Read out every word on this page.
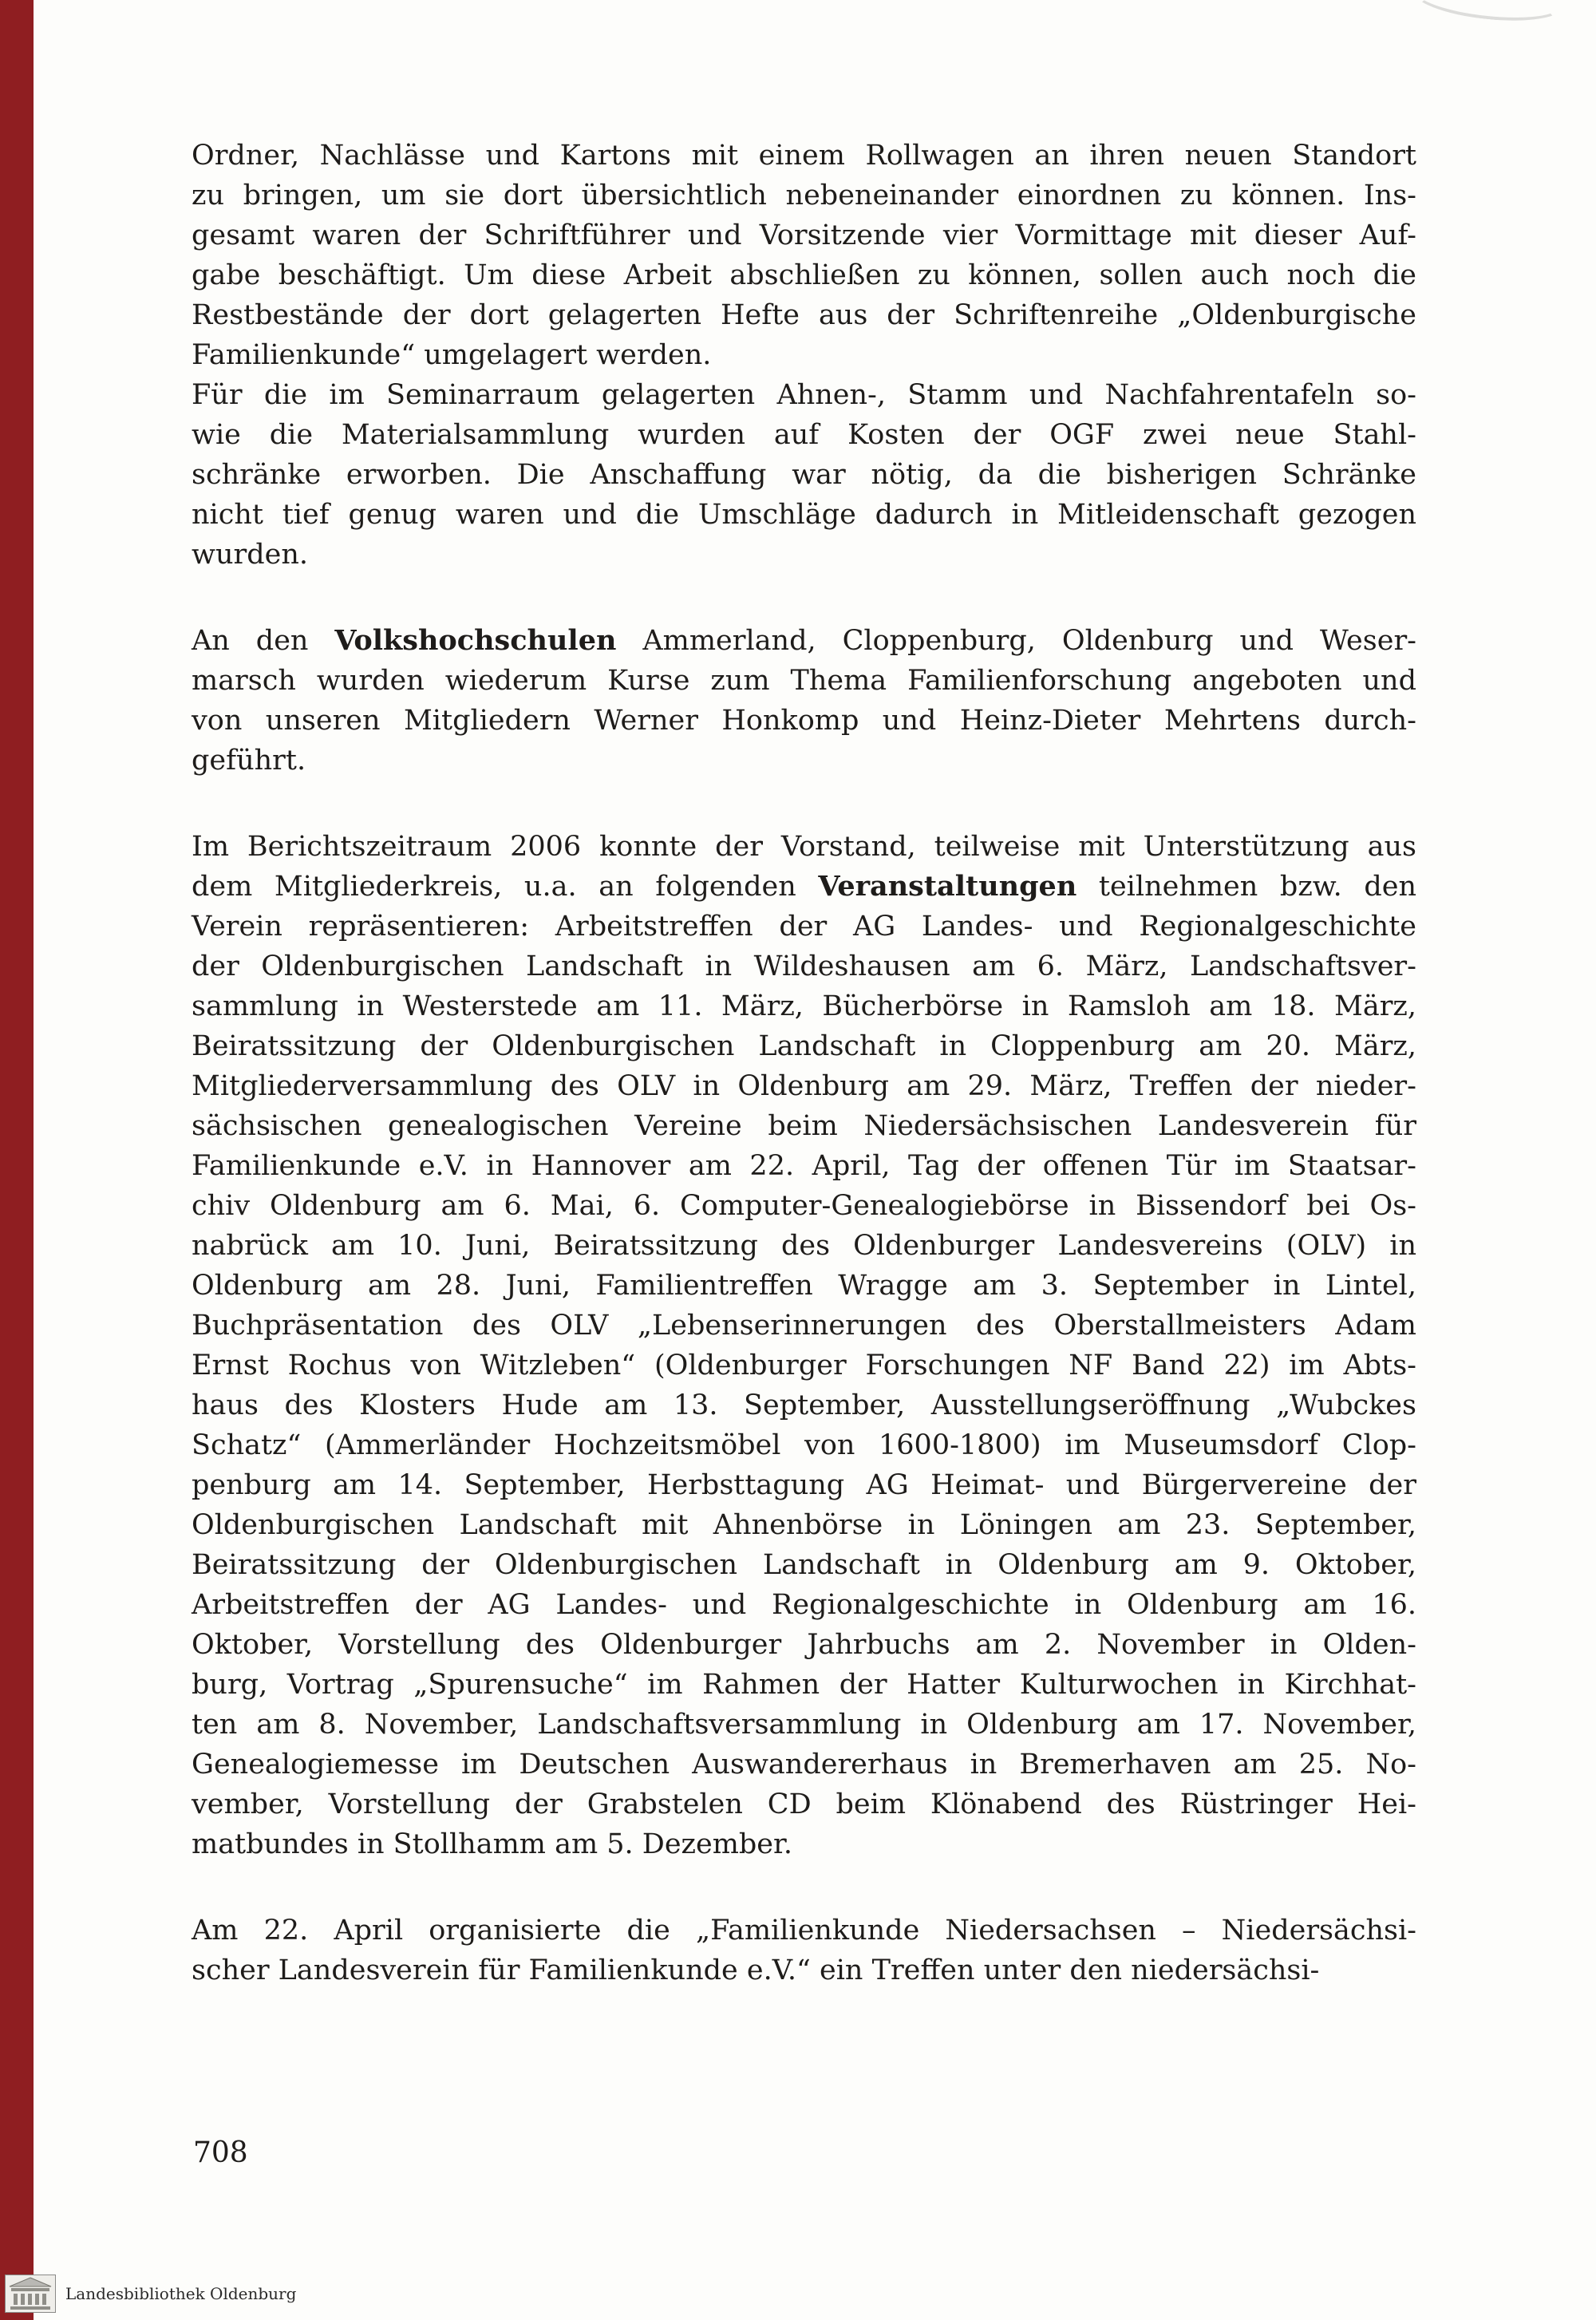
Ordner, Nachlässe und Kartons mit einem Rollwagen an ihren neuen Standort
zu bringen, um sie dort übersichtlich nebeneinander einordnen zu können. Ins-
gesamt waren der Schriftführer und Vorsitzende vier Vormittage mit dieser Auf-
gabe beschäftigt. Um diese Arbeit abschließen zu können, sollen auch noch die
Restbestände der dort gelagerten Hefte aus der Schriftenreihe „Oldenburgische
Familienkunde“ umgelagert werden.
Für die im Seminarraum gelagerten Ahnen-, Stamm und Nachfahrentafeln so-
wie die Materialsammlung wurden auf Kosten der OGF zwei neue Stahl-
schränke erworben. Die Anschaffung war nötig, da die bisherigen Schränke
nicht tief genug waren und die Umschläge dadurch in Mitleidenschaft gezogen
wurden.
An den Volkshochschulen Ammerland, Cloppenburg, Oldenburg und Weser-
marsch wurden wiederum Kurse zum Thema Familienforschung angeboten und
von unseren Mitgliedern Werner Honkomp und Heinz-Dieter Mehrtens durch-
geführt.
Im Berichtszeitraum 2006 konnte der Vorstand, teilweise mit Unterstützung aus
dem Mitgliederkreis, u.a. an folgenden Veranstaltungen teilnehmen bzw. den
Verein repräsentieren: Arbeitstreffen der AG Landes- und Regionalgeschichte
der Oldenburgischen Landschaft in Wildeshausen am 6. März, Landschaftsver-
sammlung in Westerstede am 11. März, Bücherbörse in Ramsloh am 18. März,
Beiratssitzung der Oldenburgischen Landschaft in Cloppenburg am 20. März,
Mitgliederversammlung des OLV in Oldenburg am 29. März, Treffen der nieder-
sächsischen genealogischen Vereine beim Niedersächsischen Landesverein für
Familienkunde e.V. in Hannover am 22. April, Tag der offenen Tür im Staatsar-
chiv Oldenburg am 6. Mai, 6. Computer-Genealogiebörse in Bissendorf bei Os-
nabrück am 10. Juni, Beiratssitzung des Oldenburger Landesvereins (OLV) in
Oldenburg am 28. Juni, Familientreffen Wragge am 3. September in Lintel,
Buchpräsentation des OLV „Lebenserinnerungen des Oberstallmeisters Adam
Ernst Rochus von Witzleben“ (Oldenburger Forschungen NF Band 22) im Abts-
haus des Klosters Hude am 13. September, Ausstellungseröffnung „Wubckes
Schatz“ (Ammerländer Hochzeitsmöbel von 1600-1800) im Museumsdorf Clop-
penburg am 14. September, Herbsttagung AG Heimat- und Bürgervereine der
Oldenburgischen Landschaft mit Ahnenbörse in Löningen am 23. September,
Beiratssitzung der Oldenburgischen Landschaft in Oldenburg am 9. Oktober,
Arbeitstreffen der AG Landes- und Regionalgeschichte in Oldenburg am 16.
Oktober, Vorstellung des Oldenburger Jahrbuchs am 2. November in Olden-
burg, Vortrag „Spurensuche“ im Rahmen der Hatter Kulturwochen in Kirchhat-
ten am 8. November, Landschaftsversammlung in Oldenburg am 17. November,
Genealogiemesse im Deutschen Auswandererhaus in Bremerhaven am 25. No-
vember, Vorstellung der Grabstelen CD beim Klönabend des Rüstringer Hei-
matbundes in Stollhamm am 5. Dezember.
Am 22. April organisierte die „Familienkunde Niedersachsen – Niedersächsi-
scher Landesverein für Familienkunde e.V.“ ein Treffen unter den niedersächsi-
708
Landesbibliothek Oldenburg
